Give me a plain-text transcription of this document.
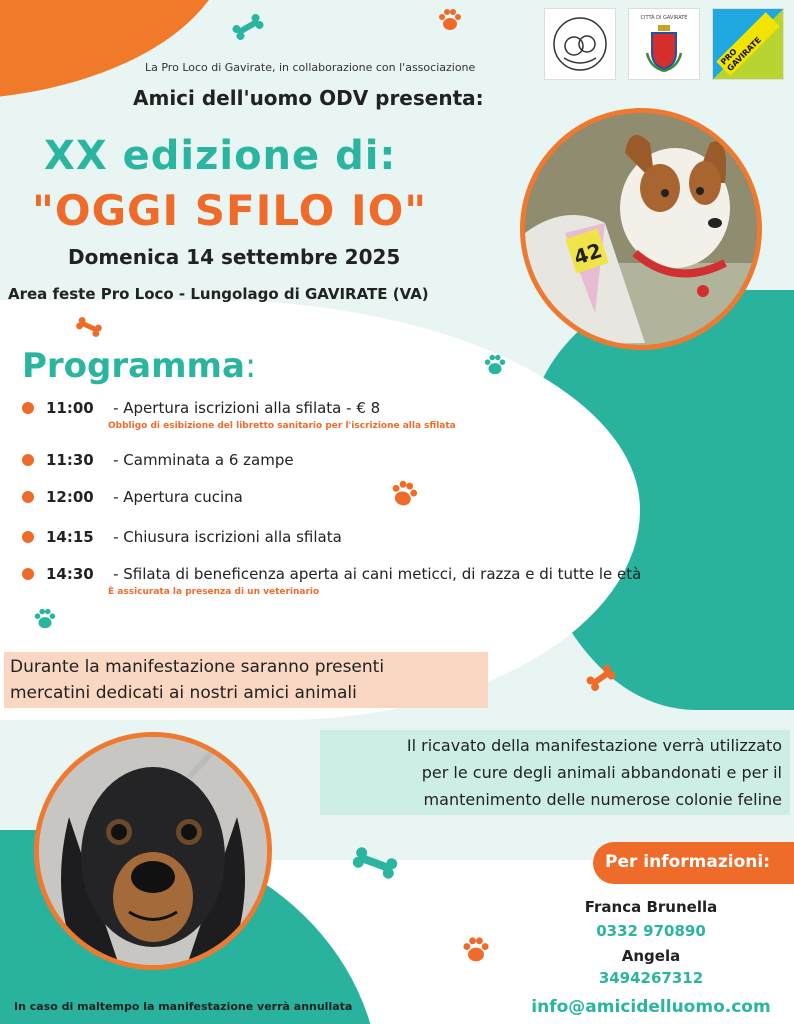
CITTÀ DI GAVIRATE
PRO GAVIRATE
La Pro Loco di Gavirate, in collaborazione con l'associazione
Amici dell'uomo ODV presenta:
XX edizione di:
"OGGI SFILO IO"
Domenica 14 settembre 2025
Area feste Pro Loco - Lungolago di GAVIRATE (VA)
42
Programma:
11:00 - Apertura iscrizioni alla sfilata - € 8
Obbligo di esibizione del libretto sanitario per l'iscrizione alla sfilata
11:30 - Camminata a 6 zampe
12:00 - Apertura cucina
14:15 - Chiusura iscrizioni alla sfilata
14:30 - Sfilata di beneficenza aperta ai cani meticci, di razza e di tutte le età
È assicurata la presenza di un veterinario
Durante la manifestazione saranno presenti
mercatini dedicati ai nostri amici animali
Il ricavato della manifestazione verrà utilizzato
per le cure degli animali abbandonati e per il
mantenimento delle numerose colonie feline
Per informazioni:
Franca Brunella
0332 970890
Angela
3494267312
info@amicidelluomo.com
In caso di maltempo la manifestazione verrà annullata
